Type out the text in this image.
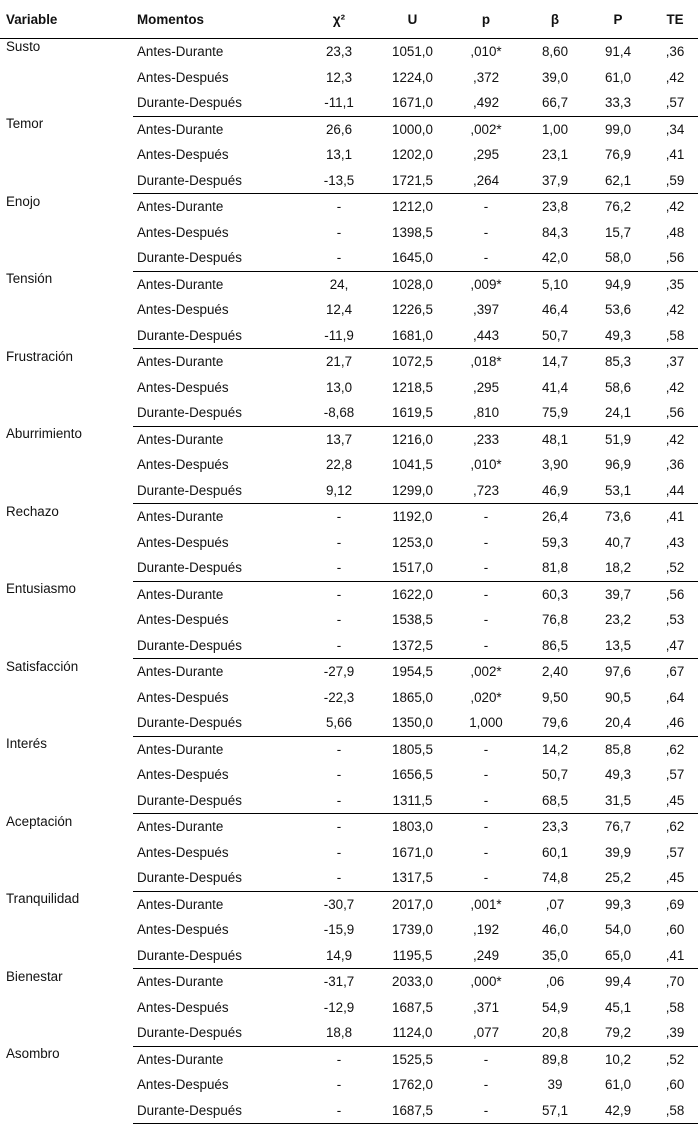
Variable	Momentos	χ²	U	p	β	P	TE
Susto	Antes-Durante	23,3	1051,0	,010*	8,60	91,4	,36
	Antes-Después	12,3	1224,0	,372	39,0	61,0	,42
	Durante-Después	-11,1	1671,0	,492	66,7	33,3	,57
Temor	Antes-Durante	26,6	1000,0	,002*	1,00	99,0	,34
	Antes-Después	13,1	1202,0	,295	23,1	76,9	,41
	Durante-Después	-13,5	1721,5	,264	37,9	62,1	,59
Enojo	Antes-Durante	-	1212,0	-	23,8	76,2	,42
	Antes-Después	-	1398,5	-	84,3	15,7	,48
	Durante-Después	-	1645,0	-	42,0	58,0	,56
Tensión	Antes-Durante	24,	1028,0	,009*	5,10	94,9	,35
	Antes-Después	12,4	1226,5	,397	46,4	53,6	,42
	Durante-Después	-11,9	1681,0	,443	50,7	49,3	,58
Frustración	Antes-Durante	21,7	1072,5	,018*	14,7	85,3	,37
	Antes-Después	13,0	1218,5	,295	41,4	58,6	,42
	Durante-Después	-8,68	1619,5	,810	75,9	24,1	,56
Aburrimiento	Antes-Durante	13,7	1216,0	,233	48,1	51,9	,42
	Antes-Después	22,8	1041,5	,010*	3,90	96,9	,36
	Durante-Después	9,12	1299,0	,723	46,9	53,1	,44
Rechazo	Antes-Durante	-	1192,0	-	26,4	73,6	,41
	Antes-Después	-	1253,0	-	59,3	40,7	,43
	Durante-Después	-	1517,0	-	81,8	18,2	,52
Entusiasmo	Antes-Durante	-	1622,0	-	60,3	39,7	,56
	Antes-Después	-	1538,5	-	76,8	23,2	,53
	Durante-Después	-	1372,5	-	86,5	13,5	,47
Satisfacción	Antes-Durante	-27,9	1954,5	,002*	2,40	97,6	,67
	Antes-Después	-22,3	1865,0	,020*	9,50	90,5	,64
	Durante-Después	5,66	1350,0	1,000	79,6	20,4	,46
Interés	Antes-Durante	-	1805,5	-	14,2	85,8	,62
	Antes-Después	-	1656,5	-	50,7	49,3	,57
	Durante-Después	-	1311,5	-	68,5	31,5	,45
Aceptación	Antes-Durante	-	1803,0	-	23,3	76,7	,62
	Antes-Después	-	1671,0	-	60,1	39,9	,57
	Durante-Después	-	1317,5	-	74,8	25,2	,45
Tranquilidad	Antes-Durante	-30,7	2017,0	,001*	,07	99,3	,69
	Antes-Después	-15,9	1739,0	,192	46,0	54,0	,60
	Durante-Después	14,9	1195,5	,249	35,0	65,0	,41
Bienestar	Antes-Durante	-31,7	2033,0	,000*	,06	99,4	,70
	Antes-Después	-12,9	1687,5	,371	54,9	45,1	,58
	Durante-Después	18,8	1124,0	,077	20,8	79,2	,39
Asombro	Antes-Durante	-	1525,5	-	89,8	10,2	,52
	Antes-Después	-	1762,0	-	39	61,0	,60
	Durante-Después	-	1687,5	-	57,1	42,9	,58
